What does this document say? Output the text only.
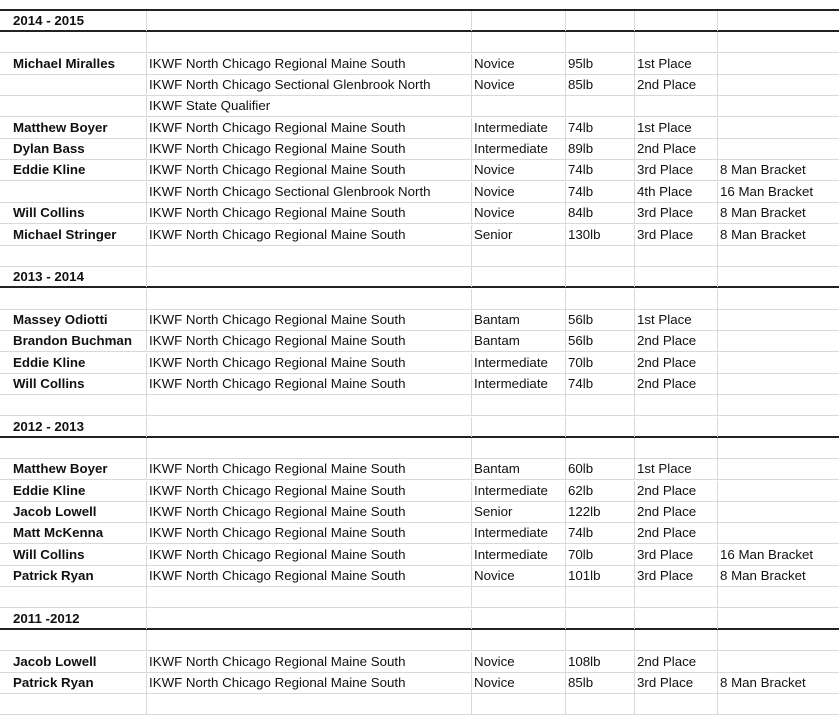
2014 - 2015
Michael Miralles	IKWF North Chicago Regional Maine South	Novice	95lb	1st Place
IKWF North Chicago Sectional Glenbrook North	Novice	85lb	2nd Place
IKWF State Qualifier
Matthew Boyer	IKWF North Chicago Regional Maine South	Intermediate	74lb	1st Place
Dylan Bass	IKWF North Chicago Regional Maine South	Intermediate	89lb	2nd Place
Eddie Kline	IKWF North Chicago Regional Maine South	Novice	74lb	3rd Place	8 Man Bracket
IKWF North Chicago Sectional Glenbrook North	Novice	74lb	4th Place	16 Man Bracket
Will Collins	IKWF North Chicago Regional Maine South	Novice	84lb	3rd Place	8 Man Bracket
Michael Stringer	IKWF North Chicago Regional Maine South	Senior	130lb	3rd Place	8 Man Bracket
2013 - 2014
Massey Odiotti	IKWF North Chicago Regional Maine South	Bantam	56lb	1st Place
Brandon Buchman	IKWF North Chicago Regional Maine South	Bantam	56lb	2nd Place
Eddie Kline	IKWF North Chicago Regional Maine South	Intermediate	70lb	2nd Place
Will Collins	IKWF North Chicago Regional Maine South	Intermediate	74lb	2nd Place
2012 - 2013
Matthew Boyer	IKWF North Chicago Regional Maine South	Bantam	60lb	1st Place
Eddie Kline	IKWF North Chicago Regional Maine South	Intermediate	62lb	2nd Place
Jacob Lowell	IKWF North Chicago Regional Maine South	Senior	122lb	2nd Place
Matt McKenna	IKWF North Chicago Regional Maine South	Intermediate	74lb	2nd Place
Will Collins	IKWF North Chicago Regional Maine South	Intermediate	70lb	3rd Place	16 Man Bracket
Patrick Ryan	IKWF North Chicago Regional Maine South	Novice	101lb	3rd Place	8 Man Bracket
2011 -2012
Jacob Lowell	IKWF North Chicago Regional Maine South	Novice	108lb	2nd Place
Patrick Ryan	IKWF North Chicago Regional Maine South	Novice	85lb	3rd Place	8 Man Bracket
